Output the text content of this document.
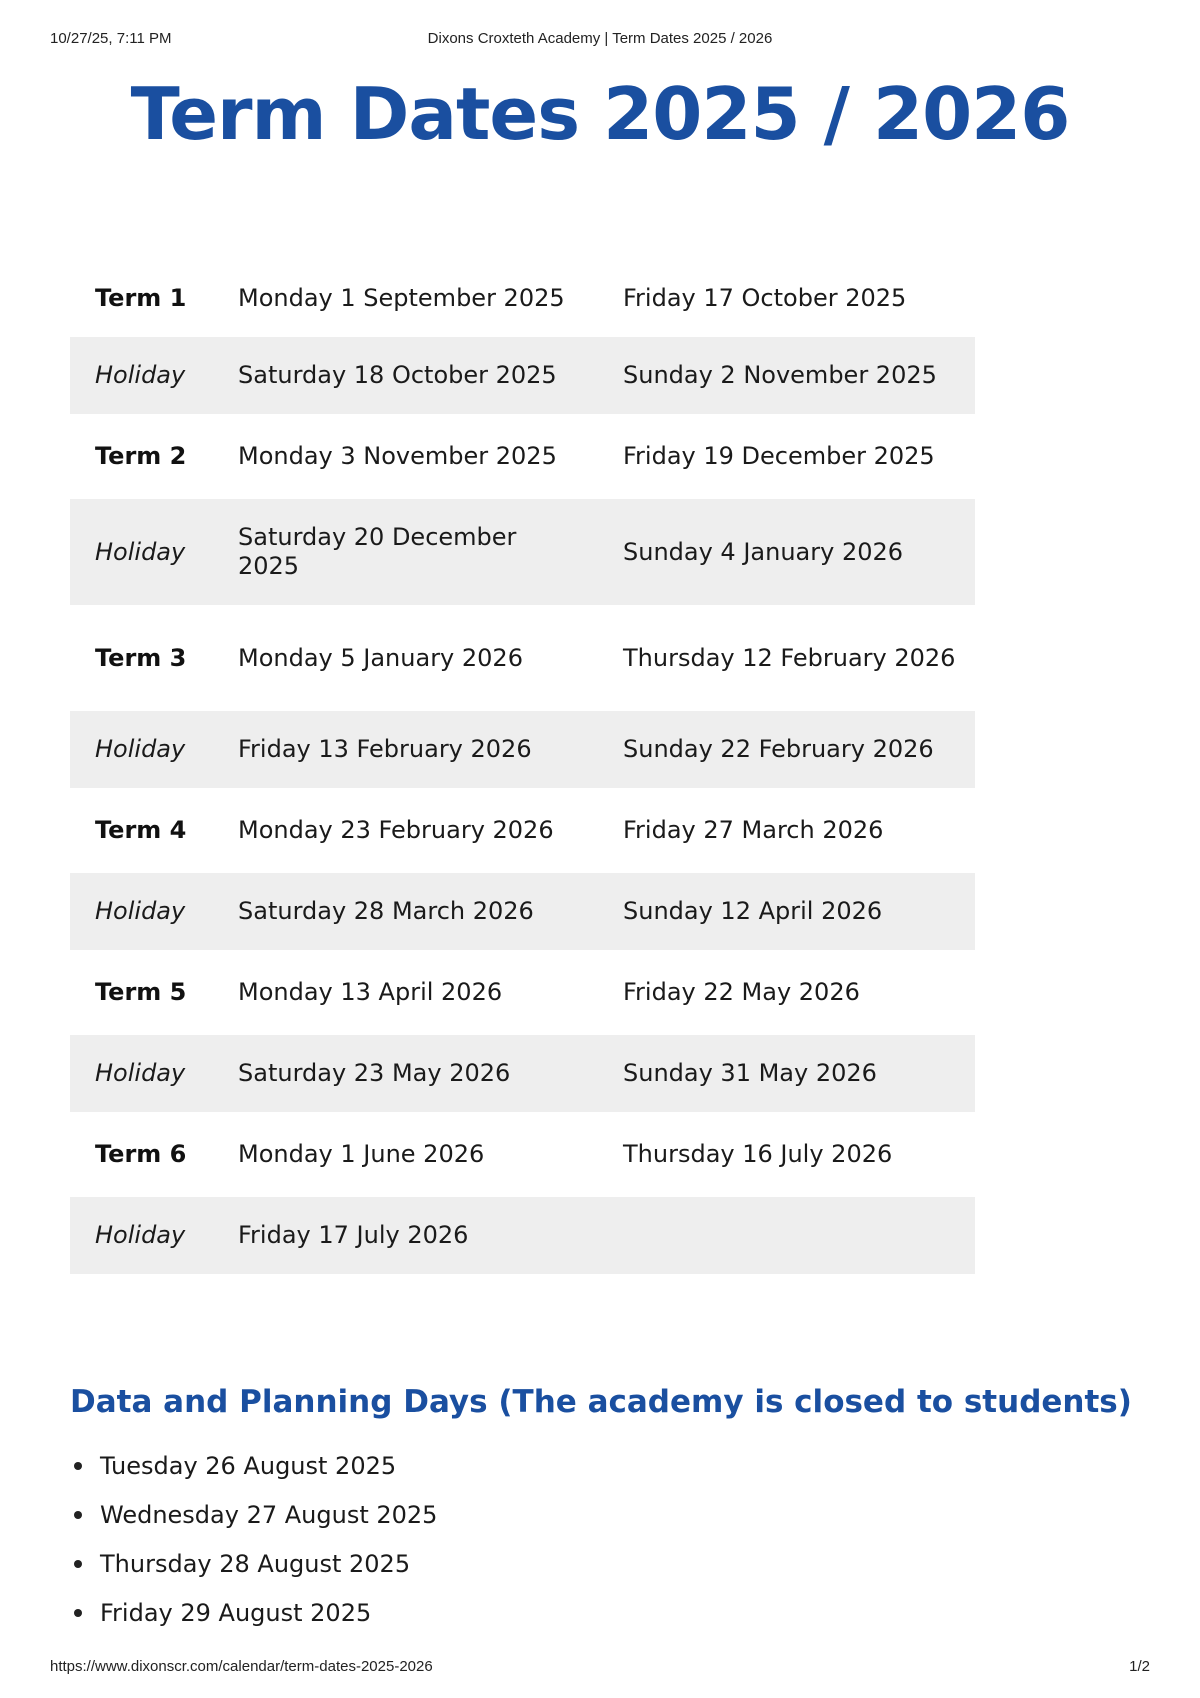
10/27/25, 7:11 PM	Dixons Croxteth Academy | Term Dates 2025 / 2026
Term Dates 2025 / 2026
Term 1	Monday 1 September 2025	Friday 17 October 2025
Holiday	Saturday 18 October 2025	Sunday 2 November 2025
Term 2	Monday 3 November 2025	Friday 19 December 2025
Holiday	Saturday 20 December 2025	Sunday 4 January 2026
Term 3	Monday 5 January 2026	Thursday 12 February 2026
Holiday	Friday 13 February 2026	Sunday 22 February 2026
Term 4	Monday 23 February 2026	Friday 27 March 2026
Holiday	Saturday 28 March 2026	Sunday 12 April 2026
Term 5	Monday 13 April 2026	Friday 22 May 2026
Holiday	Saturday 23 May 2026	Sunday 31 May 2026
Term 6	Monday 1 June 2026	Thursday 16 July 2026
Holiday	Friday 17 July 2026	
Data and Planning Days (The academy is closed to students)
Tuesday 26 August 2025
Wednesday 27 August 2025
Thursday 28 August 2025
Friday 29 August 2025
https://www.dixonscr.com/calendar/term-dates-2025-2026	1/2
